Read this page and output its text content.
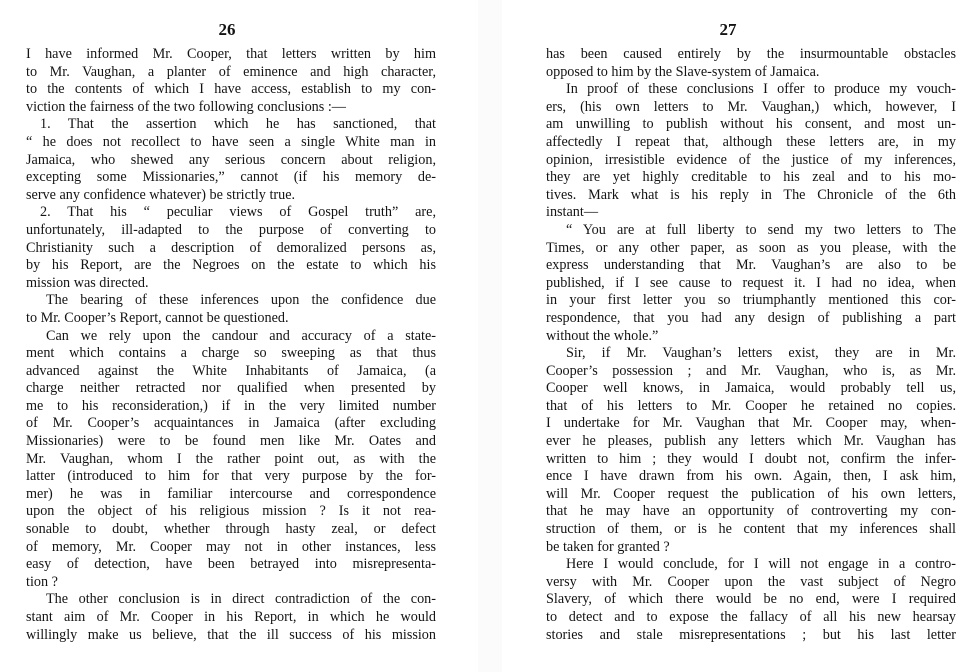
26
I have informed Mr. Cooper, that letters written by him
to Mr. Vaughan, a planter of eminence and high character,
to the contents of which I have access, establish to my con-
viction the fairness of the two following conclusions :—
1. That the assertion which he has sanctioned, that
“ he does not recollect to have seen a single White man in
Jamaica, who shewed any serious concern about religion,
excepting some Missionaries,” cannot (if his memory de-
serve any confidence whatever) be strictly true.
2. That his “ peculiar views of Gospel truth” are,
unfortunately, ill-adapted to the purpose of converting to
Christianity such a description of demoralized persons as,
by his Report, are the Negroes on the estate to which his
mission was directed.
The bearing of these inferences upon the confidence due
to Mr. Cooper’s Report, cannot be questioned.
Can we rely upon the candour and accuracy of a state-
ment which contains a charge so sweeping as that thus
advanced against the White Inhabitants of Jamaica, (a
charge neither retracted nor qualified when presented by
me to his reconsideration,) if in the very limited number
of Mr. Cooper’s acquaintances in Jamaica (after excluding
Missionaries) were to be found men like Mr. Oates and
Mr. Vaughan, whom I the rather point out, as with the
latter (introduced to him for that very purpose by the for-
mer) he was in familiar intercourse and correspondence
upon the object of his religious mission ? Is it not rea-
sonable to doubt, whether through hasty zeal, or defect
of memory, Mr. Cooper may not in other instances, less
easy of detection, have been betrayed into misrepresenta-
tion ?
The other conclusion is in direct contradiction of the con-
stant aim of Mr. Cooper in his Report, in which he would
willingly make us believe, that the ill success of his mission
27
has been caused entirely by the insurmountable obstacles
opposed to him by the Slave-system of Jamaica.
In proof of these conclusions I offer to produce my vouch-
ers, (his own letters to Mr. Vaughan,) which, however, I
am unwilling to publish without his consent, and most un-
affectedly I repeat that, although these letters are, in my
opinion, irresistible evidence of the justice of my inferences,
they are yet highly creditable to his zeal and to his mo-
tives. Mark what is his reply in The Chronicle of the 6th
instant—
“ You are at full liberty to send my two letters to The
Times, or any other paper, as soon as you please, with the
express understanding that Mr. Vaughan’s are also to be
published, if I see cause to request it. I had no idea, when
in your first letter you so triumphantly mentioned this cor-
respondence, that you had any design of publishing a part
without the whole.”
Sir, if Mr. Vaughan’s letters exist, they are in Mr.
Cooper’s possession ; and Mr. Vaughan, who is, as Mr.
Cooper well knows, in Jamaica, would probably tell us,
that of his letters to Mr. Cooper he retained no copies.
I undertake for Mr. Vaughan that Mr. Cooper may, when-
ever he pleases, publish any letters which Mr. Vaughan has
written to him ; they would I doubt not, confirm the infer-
ence I have drawn from his own. Again, then, I ask him,
will Mr. Cooper request the publication of his own letters,
that he may have an opportunity of controverting my con-
struction of them, or is he content that my inferences shall
be taken for granted ?
Here I would conclude, for I will not engage in a contro-
versy with Mr. Cooper upon the vast subject of Negro
Slavery, of which there would be no end, were I required
to detect and to expose the fallacy of all his new hearsay
stories and stale misrepresentations ; but his last letter
